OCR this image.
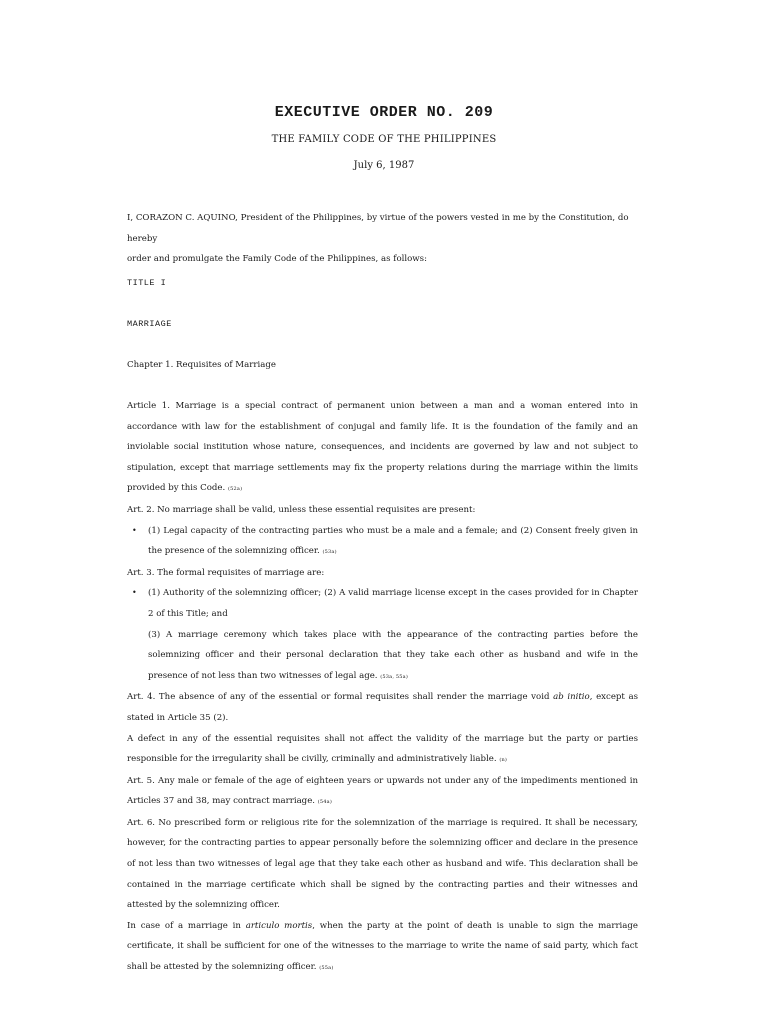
EXECUTIVE ORDER NO. 209
THE FAMILY CODE OF THE PHILIPPINES
July 6, 1987
I, CORAZON C. AQUINO, President of the Philippines, by virtue of the powers vested in me by the Constitution, do hereby
order and promulgate the Family Code of the Philippines, as follows:
TITLE I
MARRIAGE
Chapter 1. Requisites of Marriage
Article 1. Marriage is a special contract of permanent union between a man and a woman entered into in accordance with law for the establishment of conjugal and family life. It is the foundation of the family and an inviolable social institution whose nature, consequences, and incidents are governed by law and not subject to stipulation, except that marriage settlements may fix the property relations during the marriage within the limits provided by this Code. (52a)
Art. 2. No marriage shall be valid, unless these essential requisites are present:
• (1) Legal capacity of the contracting parties who must be a male and a female; and (2) Consent freely given in the presence of the solemnizing officer. (53a)
Art. 3. The formal requisites of marriage are:
• (1) Authority of the solemnizing officer; (2) A valid marriage license except in the cases provided for in Chapter 2 of this Title; and
(3) A marriage ceremony which takes place with the appearance of the contracting parties before the solemnizing officer and their personal declaration that they take each other as husband and wife in the presence of not less than two witnesses of legal age. (53a, 55a)
Art. 4. The absence of any of the essential or formal requisites shall render the marriage void ab initio, except as stated in Article 35 (2).
A defect in any of the essential requisites shall not affect the validity of the marriage but the party or parties responsible for the irregularity shall be civilly, criminally and administratively liable. (n)
Art. 5. Any male or female of the age of eighteen years or upwards not under any of the impediments mentioned in Articles 37 and 38, may contract marriage. (54a)
Art. 6. No prescribed form or religious rite for the solemnization of the marriage is required. It shall be necessary, however, for the contracting parties to appear personally before the solemnizing officer and declare in the presence of not less than two witnesses of legal age that they take each other as husband and wife. This declaration shall be contained in the marriage certificate which shall be signed by the contracting parties and their witnesses and attested by the solemnizing officer.
In case of a marriage in articulo mortis, when the party at the point of death is unable to sign the marriage certificate, it shall be sufficient for one of the witnesses to the marriage to write the name of said party, which fact shall be attested by the solemnizing officer. (55a)
